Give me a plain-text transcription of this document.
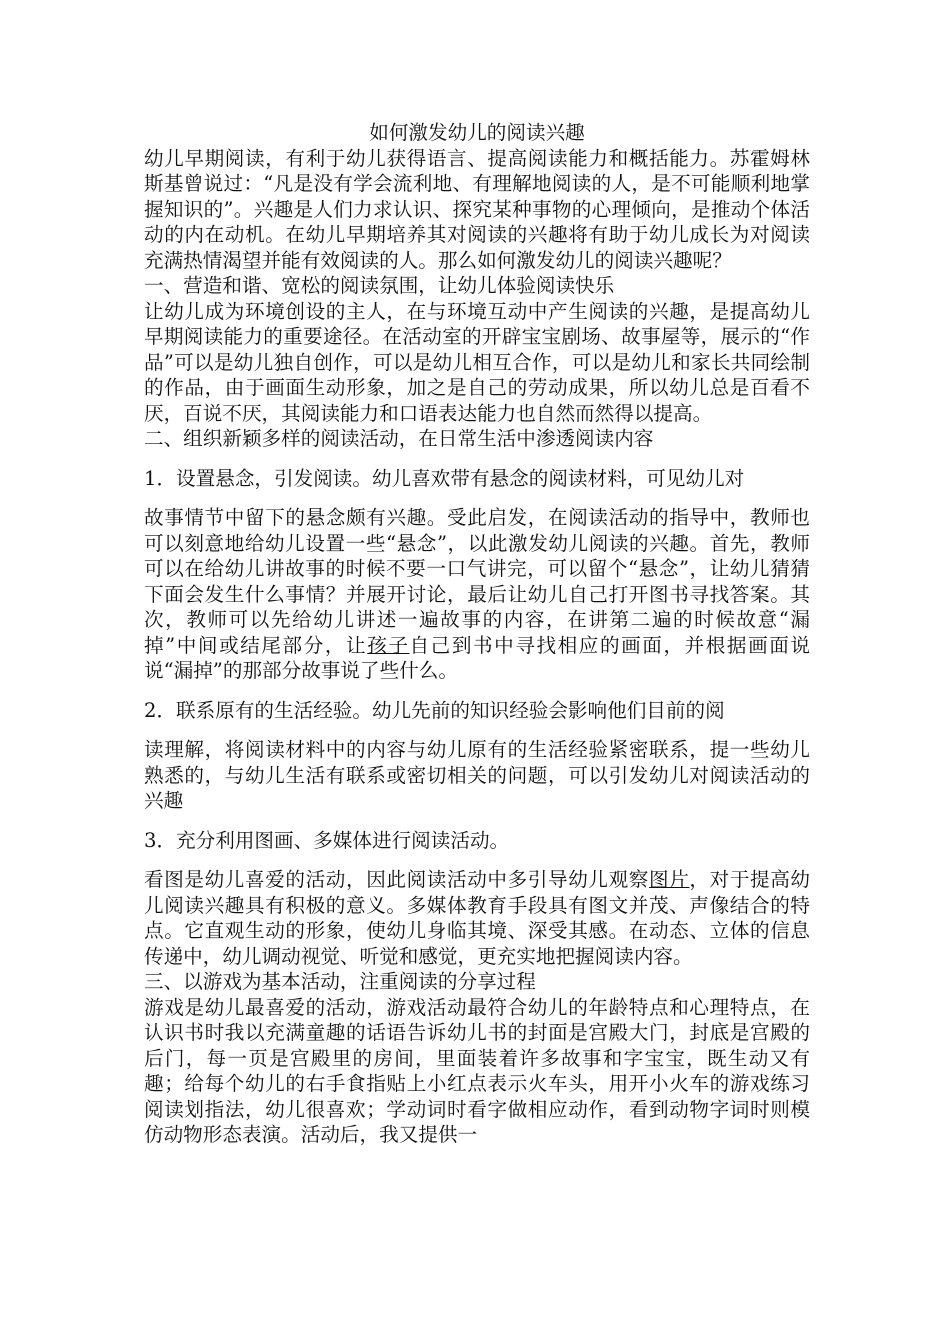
如何激发幼儿的阅读兴趣

幼儿早期阅读，有利于幼儿获得语言、提高阅读能力和概括能力。苏霍姆林斯基曾说过：“凡是没有学会流利地、有理解地阅读的人，是不可能顺利地掌握知识的”。兴趣是人们力求认识、探究某种事物的心理倾向，是推动个体活动的内在动机。在幼儿早期培养其对阅读的兴趣将有助于幼儿成长为对阅读充满热情渴望并能有效阅读的人。那么如何激发幼儿的阅读兴趣呢？

一、营造和谐、宽松的阅读氛围，让幼儿体验阅读快乐

让幼儿成为环境创设的主人，在与环境互动中产生阅读的兴趣，是提高幼儿早期阅读能力的重要途径。在活动室的开辟宝宝剧场、故事屋等，展示的“作品”可以是幼儿独自创作，可以是幼儿相互合作，可以是幼儿和家长共同绘制的作品，由于画面生动形象，加之是自己的劳动成果，所以幼儿总是百看不厌，百说不厌，其阅读能力和口语表达能力也自然而然得以提高。

二、组织新颖多样的阅读活动，在日常生活中渗透阅读内容

1．设置悬念，引发阅读。幼儿喜欢带有悬念的阅读材料，可见幼儿对

故事情节中留下的悬念颇有兴趣。受此启发，在阅读活动的指导中，教师也可以刻意地给幼儿设置一些“悬念”，以此激发幼儿阅读的兴趣。首先，教师可以在给幼儿讲故事的时候不要一口气讲完，可以留个“悬念”，让幼儿猜猜下面会发生什么事情？并展开讨论，最后让幼儿自己打开图书寻找答案。其次，教师可以先给幼儿讲述一遍故事的内容，在讲第二遍的时候故意“漏掉”中间或结尾部分，让孩子自己到书中寻找相应的画面，并根据画面说说“漏掉”的那部分故事说了些什么。

2．联系原有的生活经验。幼儿先前的知识经验会影响他们目前的阅

读理解，将阅读材料中的内容与幼儿原有的生活经验紧密联系，提一些幼儿熟悉的，与幼儿生活有联系或密切相关的问题，可以引发幼儿对阅读活动的兴趣

3．充分利用图画、多媒体进行阅读活动。

看图是幼儿喜爱的活动，因此阅读活动中多引导幼儿观察图片，对于提高幼儿阅读兴趣具有积极的意义。多媒体教育手段具有图文并茂、声像结合的特点。它直观生动的形象，使幼儿身临其境、深受其感。在动态、立体的信息传递中，幼儿调动视觉、听觉和感觉，更充实地把握阅读内容。

三、以游戏为基本活动，注重阅读的分享过程

游戏是幼儿最喜爱的活动，游戏活动最符合幼儿的年龄特点和心理特点，在认识书时我以充满童趣的话语告诉幼儿书的封面是宫殿大门，封底是宫殿的后门，每一页是宫殿里的房间，里面装着许多故事和字宝宝，既生动又有趣；给每个幼儿的右手食指贴上小红点表示火车头，用开小火车的游戏练习阅读划指法，幼儿很喜欢；学动词时看字做相应动作，看到动物字词时则模仿动物形态表演。活动后，我又提供一
